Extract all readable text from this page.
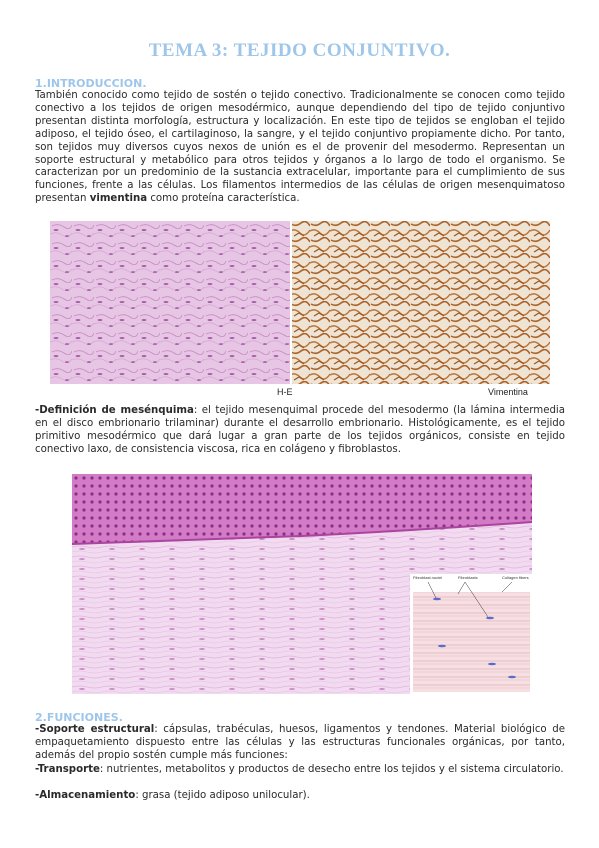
TEMA 3: TEJIDO CONJUNTIVO.
1.INTRODUCCION.
También conocido como tejido de sostén o tejido conectivo. Tradicionalmente se conocen como tejido conectivo a los tejidos de origen mesodérmico, aunque dependiendo del tipo de tejido conjuntivo presentan distinta morfología, estructura y localización. En este tipo de tejidos se engloban el tejido adiposo, el tejido óseo, el cartilaginoso, la sangre, y el tejido conjuntivo propiamente dicho. Por tanto, son tejidos muy diversos cuyos nexos de unión es el de provenir del mesodermo. Representan un soporte estructural y metabólico para otros tejidos y órganos a lo largo de todo el organismo. Se caracterizan por un predominio de la sustancia extracelular, importante para el cumplimiento de sus funciones, frente a las células. Los filamentos intermedios de las células de origen mesenquimatoso presentan vimentina como proteína característica.
H-E	Vimentina
-Definición de mesénquima: el tejido mesenquimal procede del mesodermo (la lámina intermedia en el disco embrionario trilaminar) durante el desarrollo embrionario. Histológicamente, es el tejido primitivo mesodérmico que dará lugar a gran parte de los tejidos orgánicos, consiste en tejido conectivo laxo, de consistencia viscosa, rica en colágeno y fibroblastos.
Fibroblast nuclei	Fibroblasts	Collagen fibers
2.FUNCIONES.
-Soporte estructural: cápsulas, trabéculas, huesos, ligamentos y tendones. Material biológico de empaquetamiento dispuesto entre las células y las estructuras funcionales orgánicas, por tanto, además del propio sostén cumple más funciones:
-Transporte: nutrientes, metabolitos y productos de desecho entre los tejidos y el sistema circulatorio.
-Almacenamiento: grasa (tejido adiposo unilocular).
